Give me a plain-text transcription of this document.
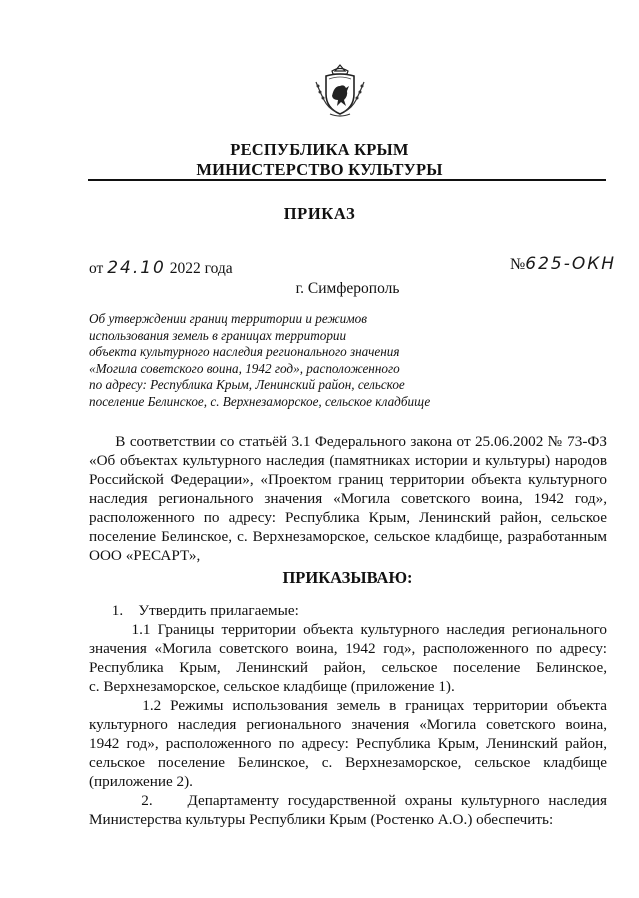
РЕСПУБЛИКА КРЫМ
МИНИСТЕРСТВО КУЛЬТУРЫ
ПРИКАЗ
от 24.10 2022 года	№625-ОКН
г. Симферополь
Об утверждении границ территории и режимов
использования земель в границах территории
объекта культурного наследия регионального значения
«Могила советского воина, 1942 год», расположенного
по адресу: Республика Крым, Ленинский район, сельское
поселение Белинское, с. Верхнезаморское, сельское кладбище
В соответствии со статьёй 3.1 Федерального закона от 25.06.2002 № 73-ФЗ
«Об объектах культурного наследия (памятниках истории и культуры) народов
Российской Федерации», «Проектом границ территории объекта культурного
наследия регионального значения «Могила советского воина, 1942 год»,
расположенного по адресу: Республика Крым, Ленинский район, сельское
поселение Белинское, с. Верхнезаморское, сельское кладбище, разработанным
ООО «РЕСАРТ»,
ПРИКАЗЫВАЮ:
1.    Утвердить прилагаемые:
1.1 Границы территории объекта культурного наследия регионального
значения «Могила советского воина, 1942 год», расположенного по адресу:
Республика Крым, Ленинский район, сельское поселение Белинское,
с. Верхнезаморское, сельское кладбище (приложение 1).
1.2 Режимы использования земель в границах территории объекта
культурного наследия регионального значения «Могила советского воина,
1942 год», расположенного по адресу: Республика Крым, Ленинский район,
сельское поселение Белинское, с. Верхнезаморское, сельское кладбище
(приложение 2).
2.    Департаменту государственной охраны культурного наследия
Министерства культуры Республики Крым (Ростенко А.О.) обеспечить:
